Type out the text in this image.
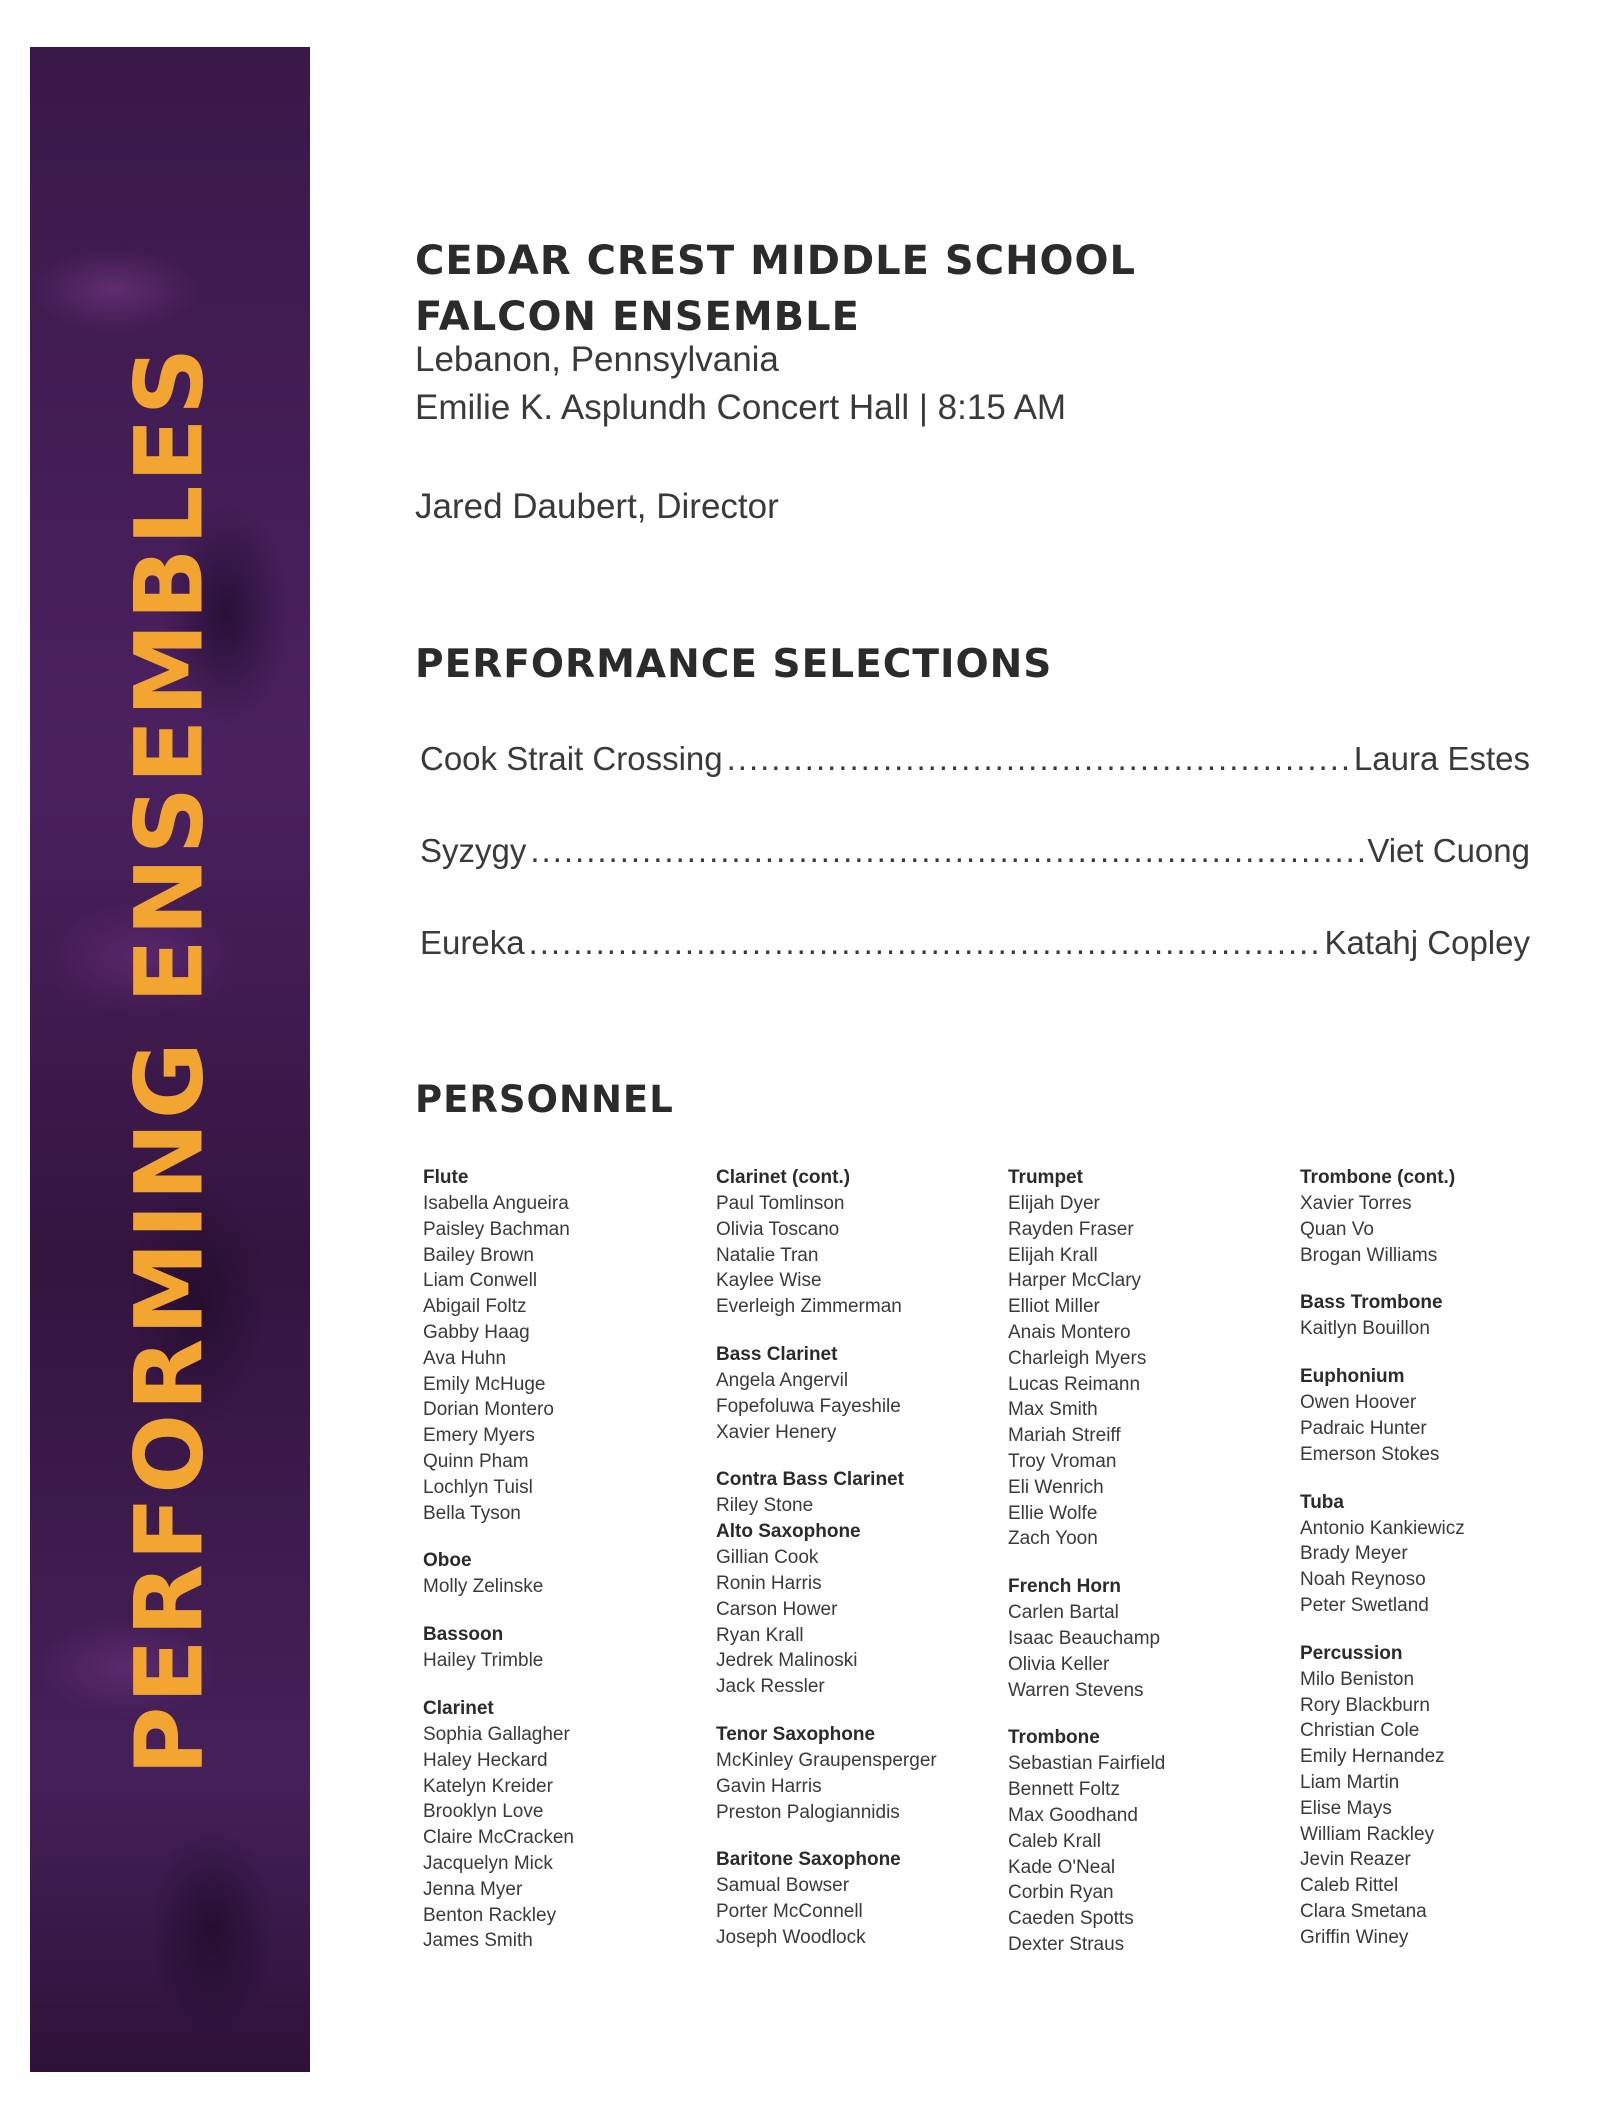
PERFORMING ENSEMBLES
CEDAR CREST MIDDLE SCHOOL
FALCON ENSEMBLE
Lebanon, Pennsylvania
Emilie K. Asplundh Concert Hall | 8:15 AM
Jared Daubert, Director
PERFORMANCE SELECTIONS
Cook Strait Crossing .....	Laura Estes
Syzygy .....	Viet Cuong
Eureka .....	Katahj Copley
PERSONNEL
Flute
Isabella Angueira
Paisley Bachman
Bailey Brown
Liam Conwell
Abigail Foltz
Gabby Haag
Ava Huhn
Emily McHuge
Dorian Montero
Emery Myers
Quinn Pham
Lochlyn Tuisl
Bella Tyson
Oboe
Molly Zelinske
Bassoon
Hailey Trimble
Clarinet
Sophia Gallagher
Haley Heckard
Katelyn Kreider
Brooklyn Love
Claire McCracken
Jacquelyn Mick
Jenna Myer
Benton Rackley
James Smith
Clarinet (cont.)
Paul Tomlinson
Olivia Toscano
Natalie Tran
Kaylee Wise
Everleigh Zimmerman
Bass Clarinet
Angela Angervil
Fopefoluwa Fayeshile
Xavier Henery
Contra Bass Clarinet
Riley Stone
Alto Saxophone
Gillian Cook
Ronin Harris
Carson Hower
Ryan Krall
Jedrek Malinoski
Jack Ressler
Tenor Saxophone
McKinley Graupensperger
Gavin Harris
Preston Palogiannidis
Baritone Saxophone
Samual Bowser
Porter McConnell
Joseph Woodlock
Trumpet
Elijah Dyer
Rayden Fraser
Elijah Krall
Harper McClary
Elliot Miller
Anais Montero
Charleigh Myers
Lucas Reimann
Max Smith
Mariah Streiff
Troy Vroman
Eli Wenrich
Ellie Wolfe
Zach Yoon
French Horn
Carlen Bartal
Isaac Beauchamp
Olivia Keller
Warren Stevens
Trombone
Sebastian Fairfield
Bennett Foltz
Max Goodhand
Caleb Krall
Kade O'Neal
Corbin Ryan
Caeden Spotts
Dexter Straus
Trombone (cont.)
Xavier Torres
Quan Vo
Brogan Williams
Bass Trombone
Kaitlyn Bouillon
Euphonium
Owen Hoover
Padraic Hunter
Emerson Stokes
Tuba
Antonio Kankiewicz
Brady Meyer
Noah Reynoso
Peter Swetland
Percussion
Milo Beniston
Rory Blackburn
Christian Cole
Emily Hernandez
Liam Martin
Elise Mays
William Rackley
Jevin Reazer
Caleb Rittel
Clara Smetana
Griffin Winey
